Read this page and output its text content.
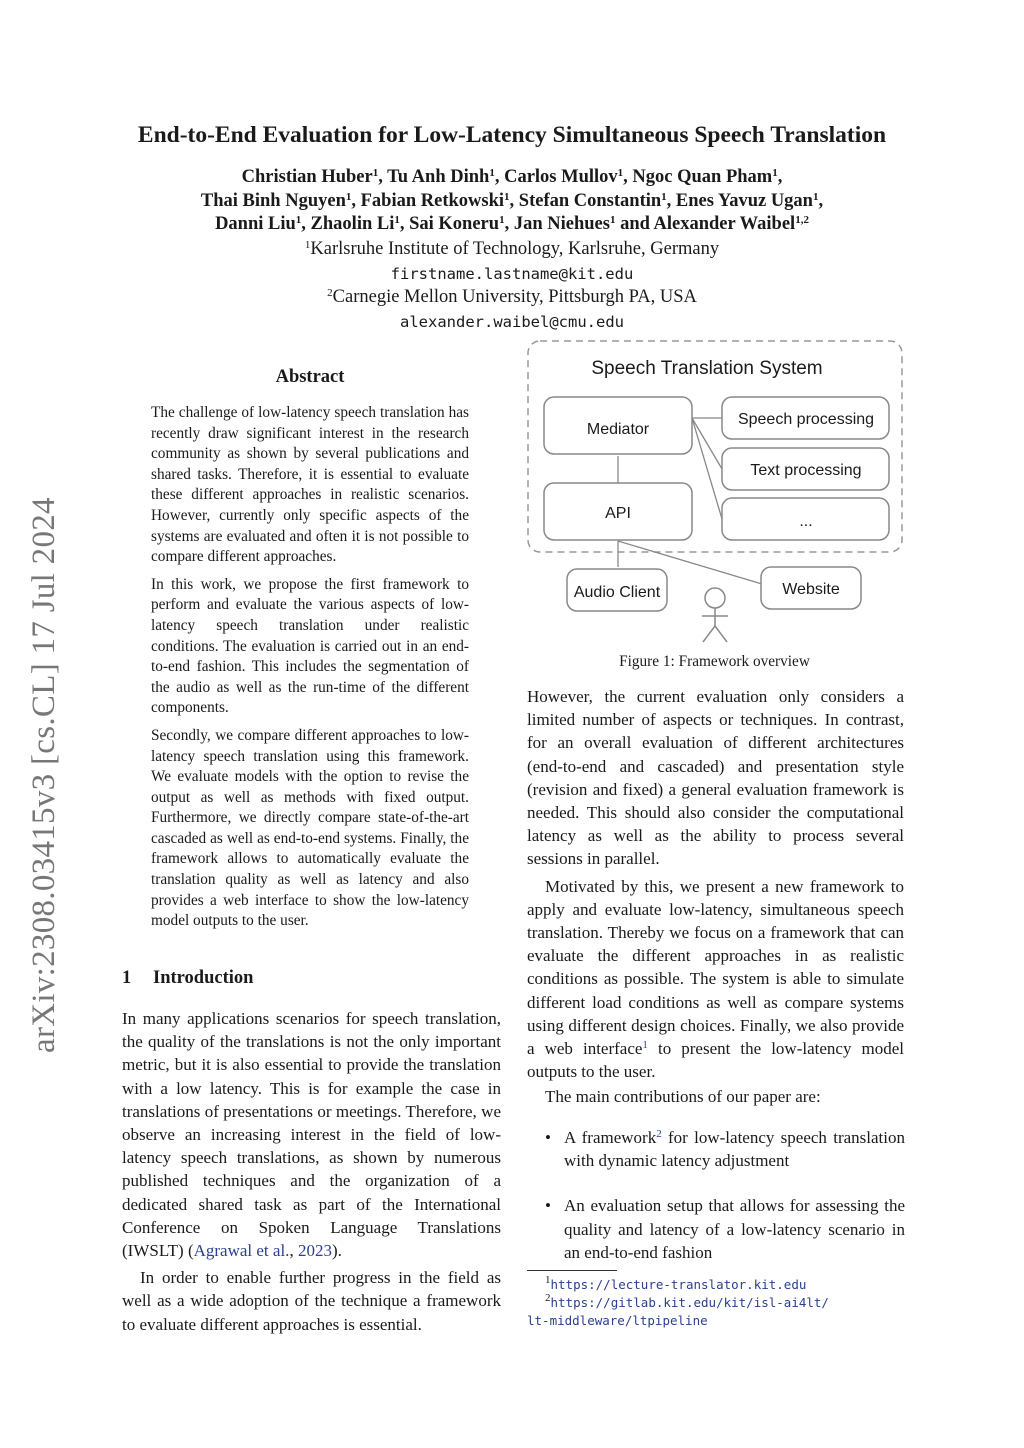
arXiv:2308.03415v3 [cs.CL] 17 Jul 2024
End-to-End Evaluation for Low-Latency Simultaneous Speech Translation
Christian Huber$^1$, Tu Anh Dinh$^1$, Carlos Mullov$^1$, Ngoc Quan Pham$^1$,
Thai Binh Nguyen$^1$, Fabian Retkowski$^1$, Stefan Constantin$^1$, Enes Yavuz Ugan$^1$,
Danni Liu$^1$, Zhaolin Li$^1$, Sai Koneru$^1$, Jan Niehues$^1$ and Alexander Waibel$^{1,2}$
$^1$Karlsruhe Institute of Technology, Karlsruhe, Germany
firstname.lastname@kit.edu
$^2$Carnegie Mellon University, Pittsburgh PA, USA
alexander.waibel@cmu.edu
Abstract

The challenge of low-latency speech translation has recently draw significant interest in the research community as shown by several publications and shared tasks. Therefore, it is essential to evaluate these different approaches in realistic scenarios. However, currently only specific aspects of the systems are evaluated and often it is not possible to compare different approaches.

In this work, we propose the first framework to perform and evaluate the various aspects of low-latency speech translation under realistic conditions. The evaluation is carried out in an end-to-end fashion. This includes the segmentation of the audio as well as the run-time of the different components.

Secondly, we compare different approaches to low-latency speech translation using this framework. We evaluate models with the option to revise the output as well as methods with fixed output. Furthermore, we directly compare state-of-the-art cascaded as well as end-to-end systems. Finally, the framework allows to automatically evaluate the translation quality as well as latency and also provides a web interface to show the low-latency model outputs to the user.

1 Introduction

In many applications scenarios for speech translation, the quality of the translations is not the only important metric, but it is also essential to provide the translation with a low latency. This is for example the case in translations of presentations or meetings. Therefore, we observe an increasing interest in the field of low-latency speech translations, as shown by numerous published techniques and the organization of a dedicated shared task as part of the International Conference on Spoken Language Translations (IWSLT) (Agrawal et al., 2023).

In order to enable further progress in the field as well as a wide adoption of the technique a framework to evaluate different approaches is essential.

Speech Translation System
Mediator
API
Speech processing
Text processing
...
Audio Client	Website
Figure 1: Framework overview

However, the current evaluation only considers a limited number of aspects or techniques. In contrast, for an overall evaluation of different architectures (end-to-end and cascaded) and presentation style (revision and fixed) a general evaluation framework is needed. This should also consider the computational latency as well as the ability to process several sessions in parallel.

Motivated by this, we present a new framework to apply and evaluate low-latency, simultaneous speech translation. Thereby we focus on a framework that can evaluate the different approaches in as realistic conditions as possible. The system is able to simulate different load conditions as well as compare systems using different design choices. Finally, we also provide a web interface$^1$ to present the low-latency model outputs to the user.

The main contributions of our paper are:

• A framework$^2$ for low-latency speech translation with dynamic latency adjustment
• An evaluation setup that allows for assessing the quality and latency of a low-latency scenario in an end-to-end fashion
$^1$https://lecture-translator.kit.edu
$^2$https://gitlab.kit.edu/kit/isl-ai4lt/
lt-middleware/ltpipeline
